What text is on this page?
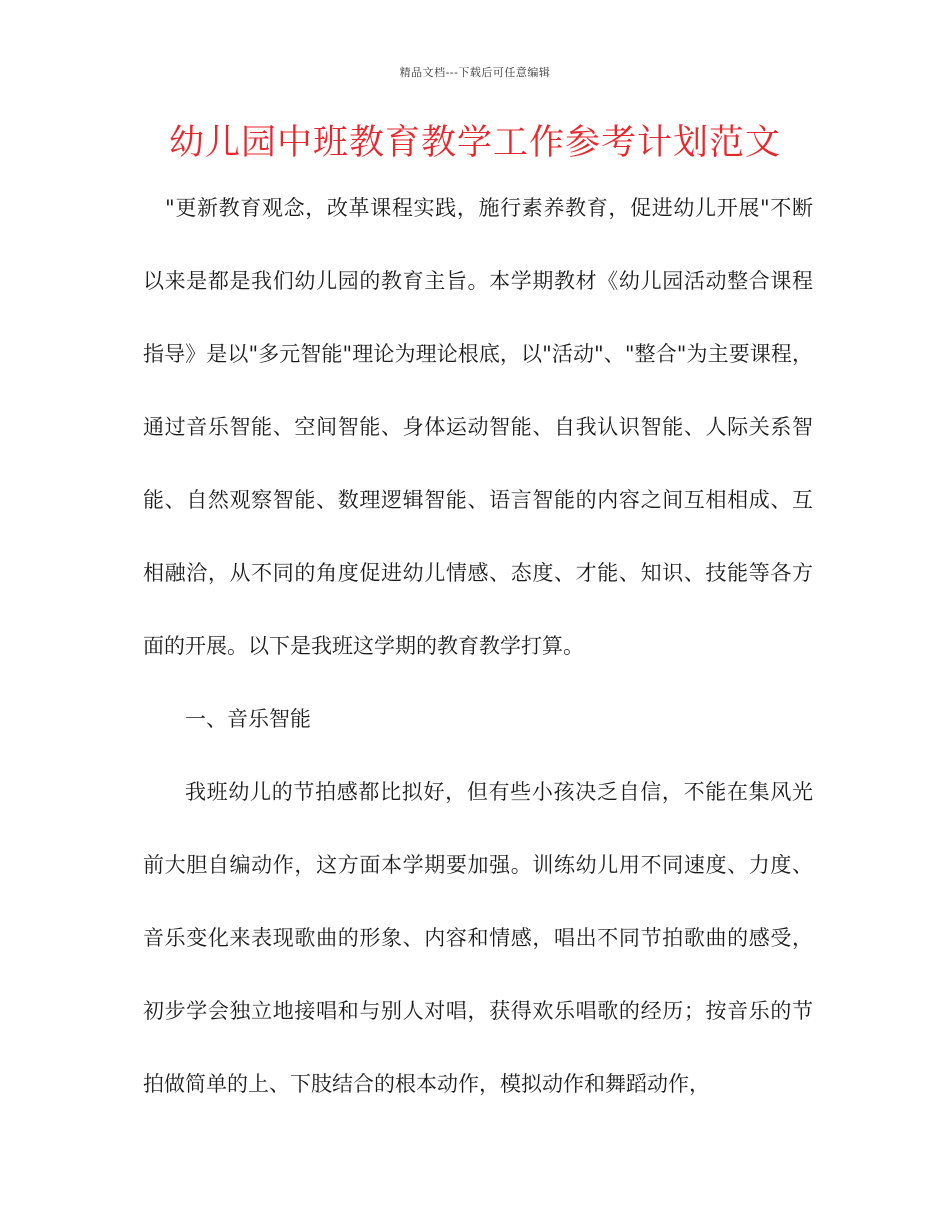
精品文档---下载后可任意编辑
幼儿园中班教育教学工作参考计划范文

"更新教育观念，改革课程实践，施行素养教育，促进幼儿开展"不断以来是都是我们幼儿园的教育主旨。本学期教材《幼儿园活动整合课程指导》是以"多元智能"理论为理论根底，以"活动"、"整合"为主要课程，通过音乐智能、空间智能、身体运动智能、自我认识智能、人际关系智能、自然观察智能、数理逻辑智能、语言智能的内容之间互相相成、互相融洽，从不同的角度促进幼儿情感、态度、才能、知识、技能等各方面的开展。以下是我班这学期的教育教学打算。

一、音乐智能

我班幼儿的节拍感都比拟好，但有些小孩决乏自信，不能在集风光前大胆自编动作，这方面本学期要加强。训练幼儿用不同速度、力度、音乐变化来表现歌曲的形象、内容和情感，唱出不同节拍歌曲的感受，初步学会独立地接唱和与别人对唱，获得欢乐唱歌的经历；按音乐的节拍做简单的上、下肢结合的根本动作，模拟动作和舞蹈动作，
